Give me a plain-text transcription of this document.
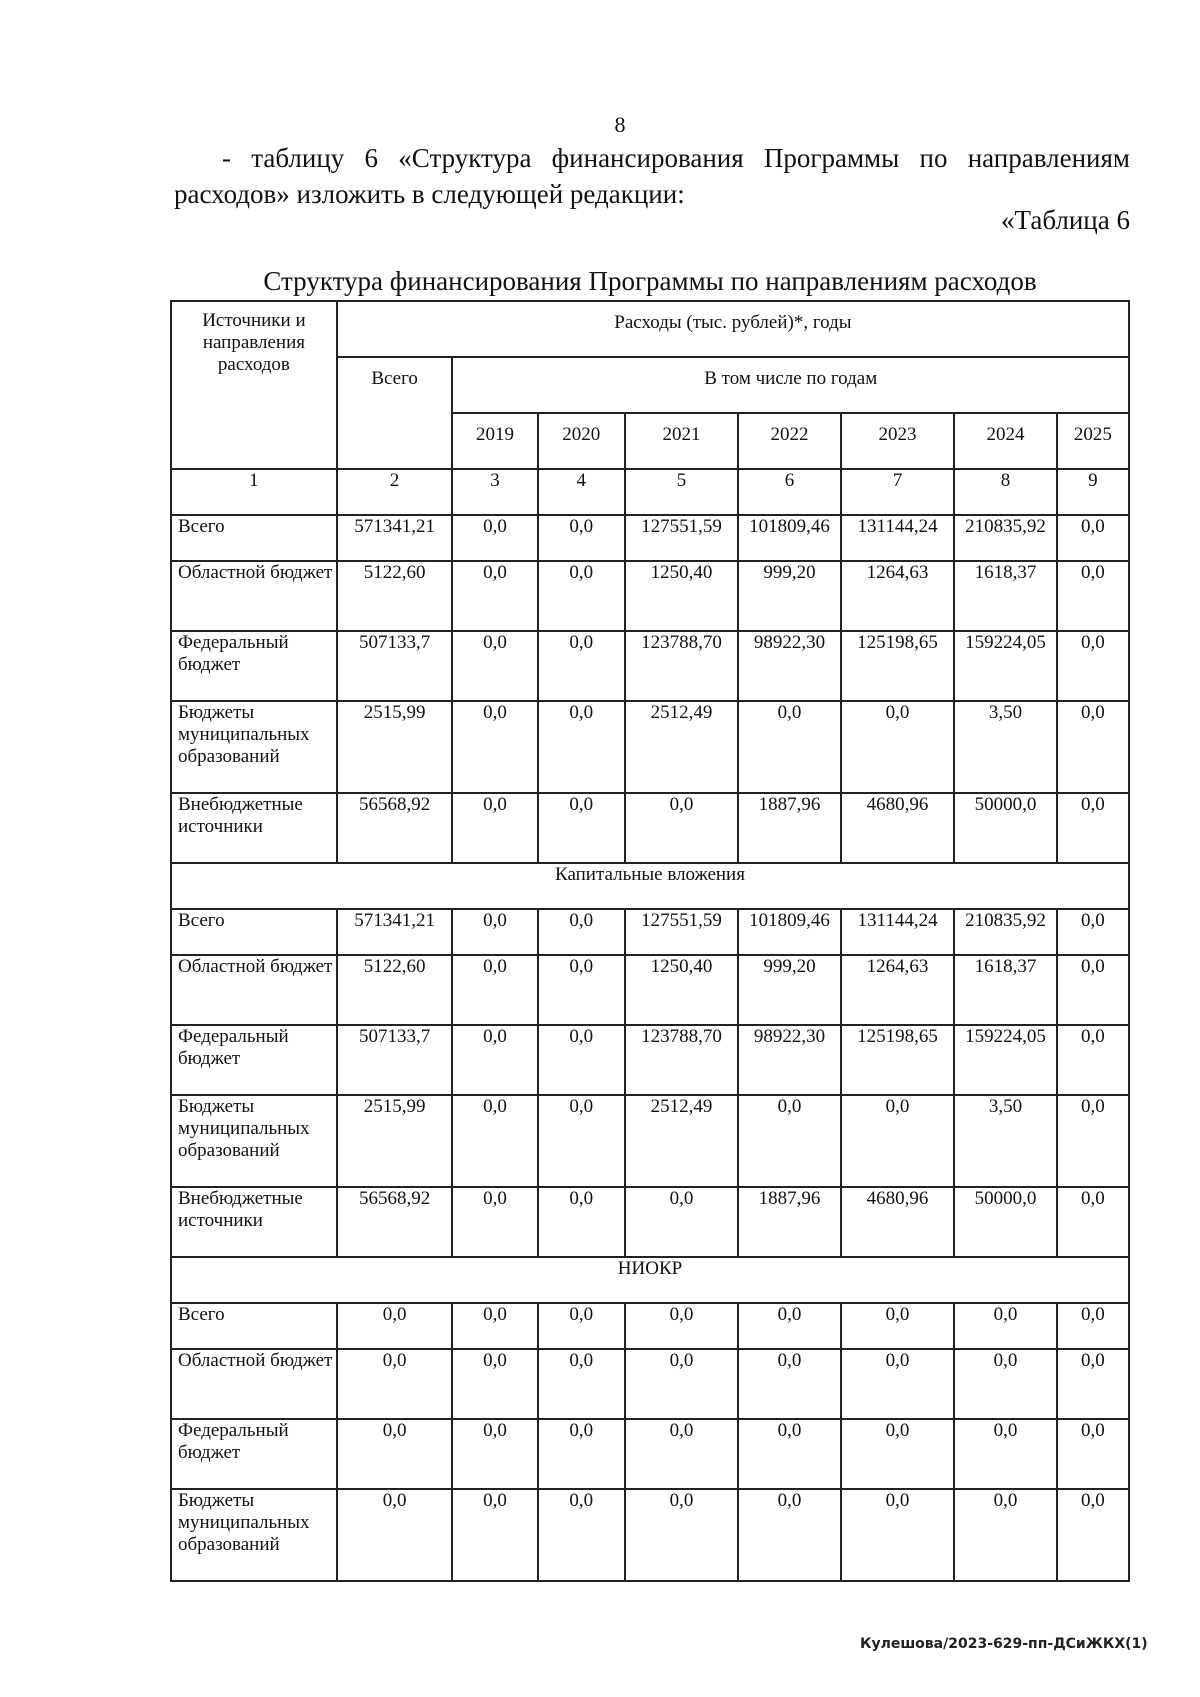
8

- таблицу 6 «Структура финансирования Программы по направлениям расходов» изложить в следующей редакции:

«Таблица 6
Структура финансирования Программы по направлениям расходов
Источники и направления расходов	Расходы (тыс. рублей)*, годы							
	Всего	В том числе по годам						
		2019	2020	2021	2022	2023	2024	2025
1	2	3	4	5	6	7	8	9
Всего	571341,21	0,0	0,0	127551,59	101809,46	131144,24	210835,92	0,0
Областной бюджет	5122,60	0,0	0,0	1250,40	999,20	1264,63	1618,37	0,0
Федеральный бюджет	507133,7	0,0	0,0	123788,70	98922,30	125198,65	159224,05	0,0
Бюджеты муниципальных образований	2515,99	0,0	0,0	2512,49	0,0	0,0	3,50	0,0
Внебюджетные источники	56568,92	0,0	0,0	0,0	1887,96	4680,96	50000,0	0,0
Капитальные вложения								
Всего	571341,21	0,0	0,0	127551,59	101809,46	131144,24	210835,92	0,0
Областной бюджет	5122,60	0,0	0,0	1250,40	999,20	1264,63	1618,37	0,0
Федеральный бюджет	507133,7	0,0	0,0	123788,70	98922,30	125198,65	159224,05	0,0
Бюджеты муниципальных образований	2515,99	0,0	0,0	2512,49	0,0	0,0	3,50	0,0
Внебюджетные источники	56568,92	0,0	0,0	0,0	1887,96	4680,96	50000,0	0,0
НИОКР								
Всего	0,0	0,0	0,0	0,0	0,0	0,0	0,0	0,0
Областной бюджет	0,0	0,0	0,0	0,0	0,0	0,0	0,0	0,0
Федеральный бюджет	0,0	0,0	0,0	0,0	0,0	0,0	0,0	0,0
Бюджеты муниципальных образований	0,0	0,0	0,0	0,0	0,0	0,0	0,0	0,0
Кулешова/2023-629-пп-ДСиЖКХ(1)
